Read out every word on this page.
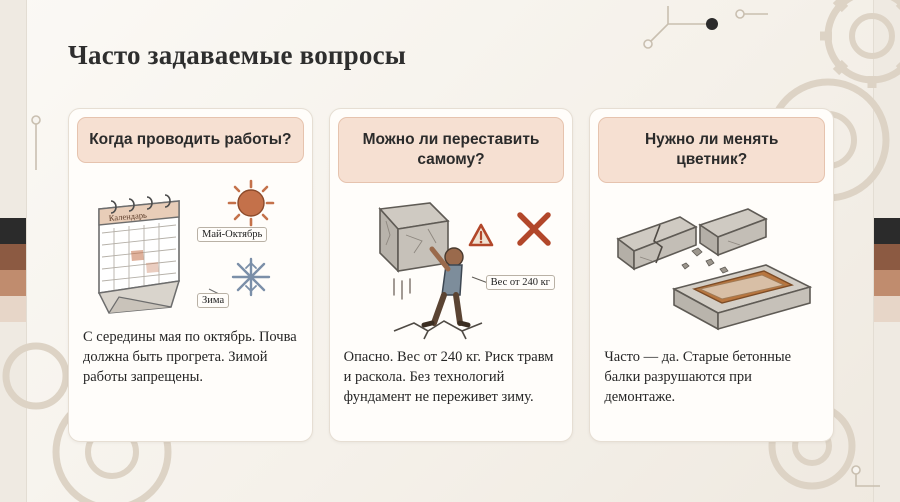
Часто задаваемые вопросы
Когда проводить работы?
Календарь
Май-Октябрь
Зима
С середины мая по октябрь. Почва должна быть прогрета. Зимой работы запрещены.
Можно ли переставить самому?
Вес от 240 кг
Опасно. Вес от 240 кг. Риск травм и раскола. Без технологий фундамент не переживет зиму.
Нужно ли менять цветник?
Часто — да. Старые бетонные балки разрушаются при демонтаже.
